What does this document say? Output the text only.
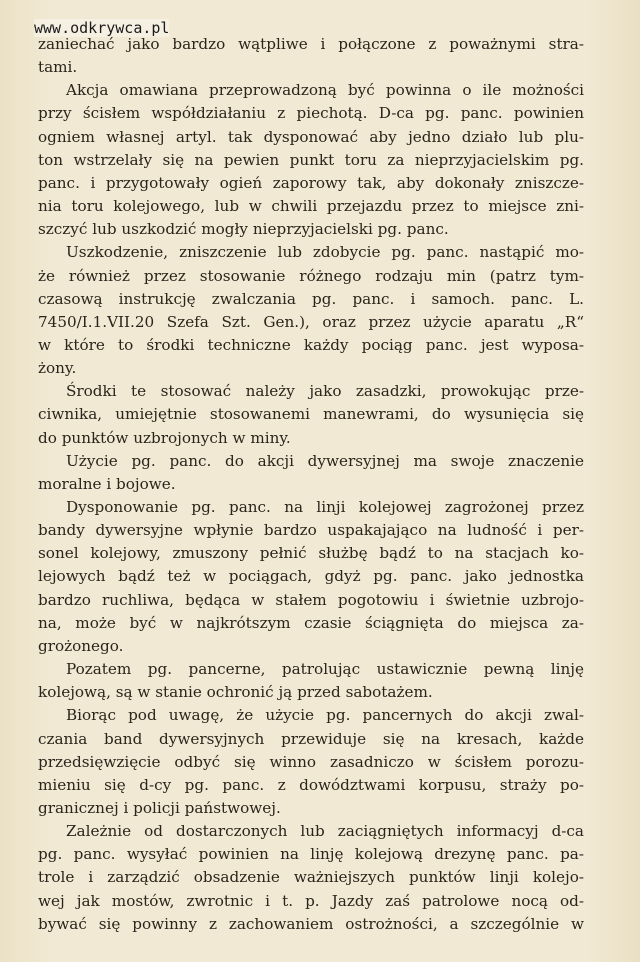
www.odkrywca.pl
zaniechać jako bardzo wątpliwe i połączone z poważnymi stra-
tami.
Akcja omawiana przeprowadzoną być powinna o ile możności
przy ścisłem współdziałaniu z piechotą. D-ca pg. panc. powinien
ogniem własnej artyl. tak dysponować aby jedno działo lub plu-
ton wstrzelały się na pewien punkt toru za nieprzyjacielskim pg.
panc. i przygotowały ogień zaporowy tak, aby dokonały zniszcze-
nia toru kolejowego, lub w chwili przejazdu przez to miejsce zni-
szczyć lub uszkodzić mogły nieprzyjacielski pg. panc.
Uszkodzenie, zniszczenie lub zdobycie pg. panc. nastąpić mo-
że również przez stosowanie różnego rodzaju min (patrz tym-
czasową instrukcję zwalczania pg. panc. i samoch. panc. L.
7450/I.1.VII.20 Szefa Szt. Gen.), oraz przez użycie aparatu „R“
w które to środki techniczne każdy pociąg panc. jest wyposa-
żony.
Środki te stosować należy jako zasadzki, prowokując prze-
ciwnika, umiejętnie stosowanemi manewrami, do wysunięcia się
do punktów uzbrojonych w miny.
Użycie pg. panc. do akcji dywersyjnej ma swoje znaczenie
moralne i bojowe.
Dysponowanie pg. panc. na linji kolejowej zagrożonej przez
bandy dywersyjne wpłynie bardzo uspakajająco na ludność i per-
sonel kolejowy, zmuszony pełnić służbę bądź to na stacjach ko-
lejowych bądź też w pociągach, gdyż pg. panc. jako jednostka
bardzo ruchliwa, będąca w stałem pogotowiu i świetnie uzbrojo-
na, może być w najkrótszym czasie ściągnięta do miejsca za-
grożonego.
Pozatem pg. pancerne, patrolując ustawicznie pewną linję
kolejową, są w stanie ochronić ją przed sabotażem.
Biorąc pod uwagę, że użycie pg. pancernych do akcji zwal-
czania band dywersyjnych przewiduje się na kresach, każde
przedsięwzięcie odbyć się winno zasadniczo w ścisłem porozu-
mieniu się d-cy pg. panc. z dowództwami korpusu, straży po-
granicznej i policji państwowej.
Zależnie od dostarczonych lub zaciągniętych informacyj d-ca
pg. panc. wysyłać powinien na linję kolejową drezynę panc. pa-
trole i zarządzić obsadzenie ważniejszych punktów linji kolejo-
wej jak mostów, zwrotnic i t. p. Jazdy zaś patrolowe nocą od-
bywać się powinny z zachowaniem ostrożności, a szczególnie w
